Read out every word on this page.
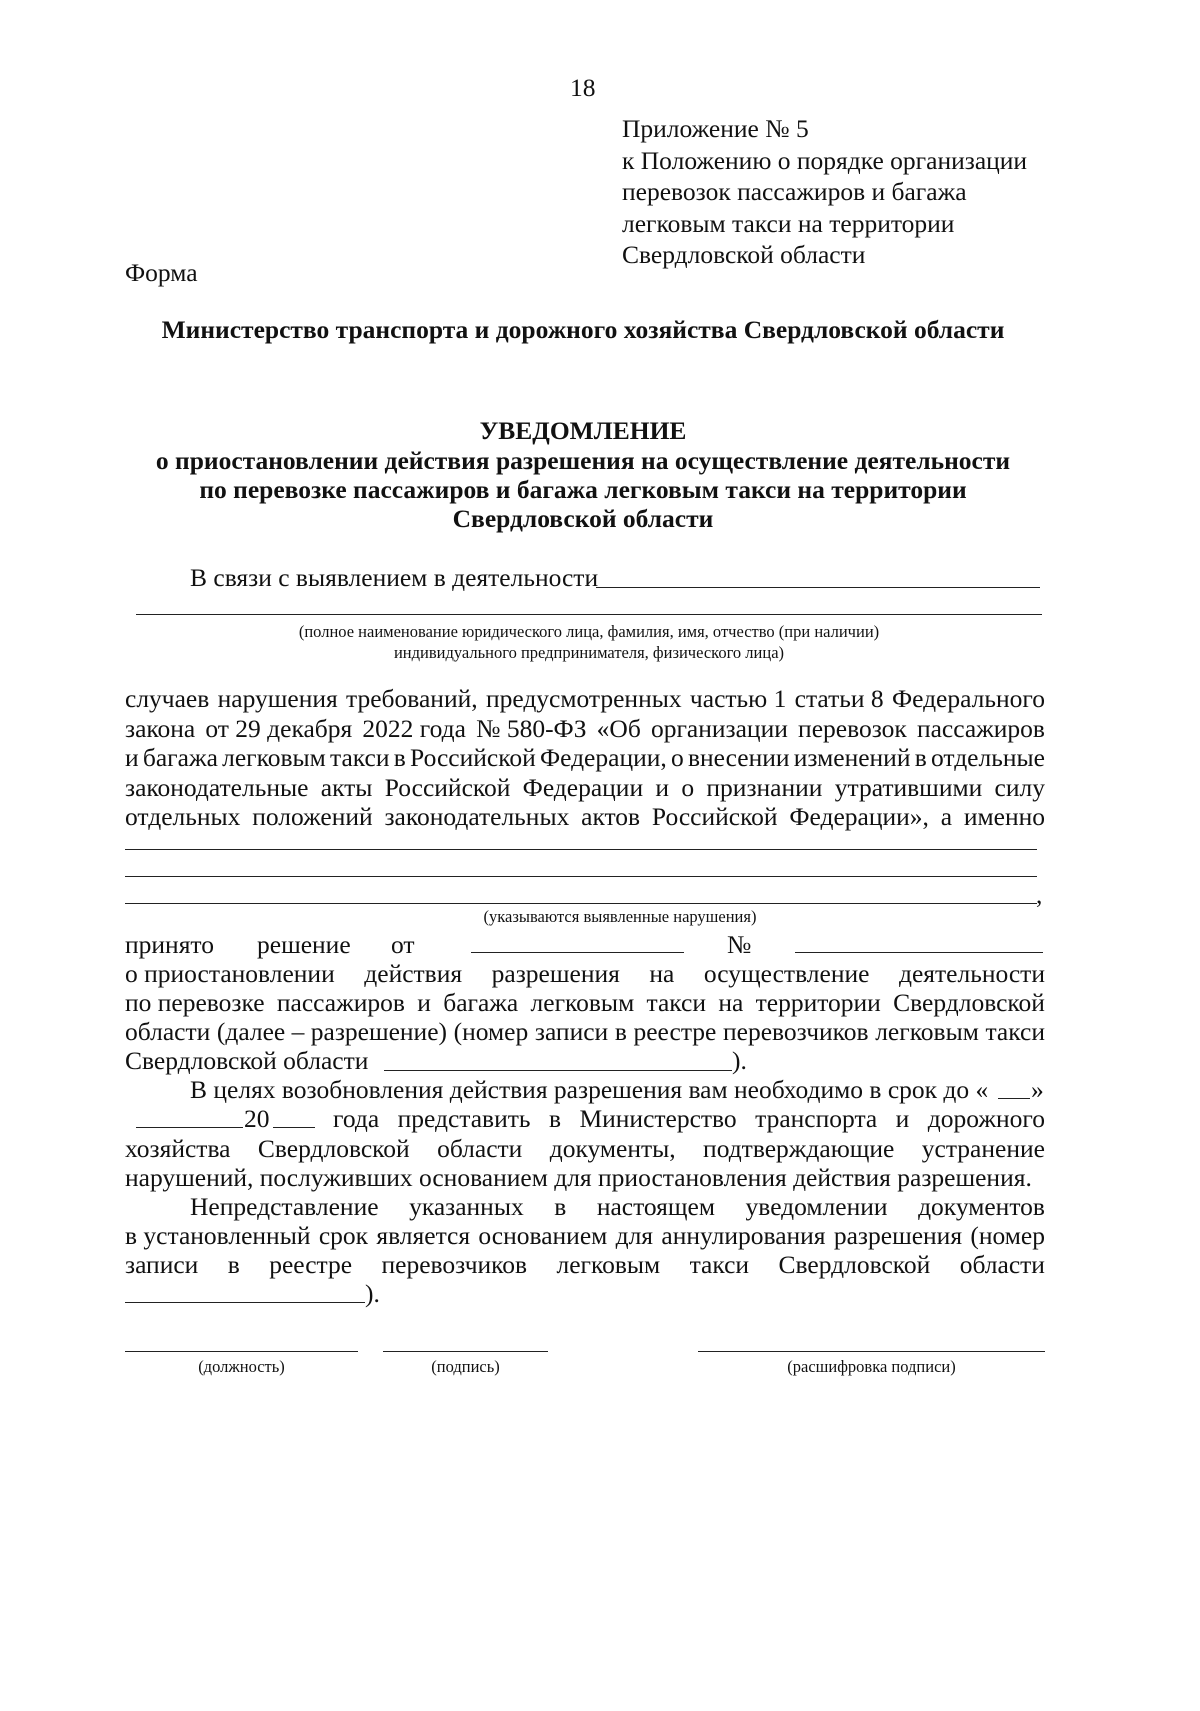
18
Приложение № 5
к Положению о порядке организации
перевозок пассажиров и багажа
легковым такси на территории
Свердловской области
Форма
Министерство транспорта и дорожного хозяйства Свердловской области
УВЕДОМЛЕНИЕ
о приостановлении действия разрешения на осуществление деятельности
по перевозке пассажиров и багажа легковым такси на территории
Свердловской области
В связи с выявлением в деятельности
(полное наименование юридического лица, фамилия, имя, отчество (при наличии)
индивидуального предпринимателя, физического лица)
случаев нарушения требований, предусмотренных частью 1 статьи 8 Федерального
закона от 29 декабря 2022 года № 580-ФЗ «Об организации перевозок пассажиров
и багажа легковым такси в Российской Федерации, о внесении изменений в отдельные
законодательные акты Российской Федерации и о признании утратившими силу
отдельных положений законодательных актов Российской Федерации», а именно
,
(указываются выявленные нарушения)
принято решение от	№
о приостановлении действия разрешения на осуществление деятельности
по перевозке пассажиров и багажа легковым такси на территории Свердловской
области (далее – разрешение) (номер записи в реестре перевозчиков легковым такси
Свердловской области	).
В целях возобновления действия разрешения вам необходимо в срок до « »
20 года представить в Министерство транспорта и дорожного
хозяйства Свердловской области документы, подтверждающие устранение
нарушений, послуживших основанием для приостановления действия разрешения.
Непредставление указанных в настоящем уведомлении документов
в установленный срок является основанием для аннулирования разрешения (номер
записи в реестре перевозчиков легковым такси Свердловской области
).
(должность)	(подпись)	(расшифровка подписи)
